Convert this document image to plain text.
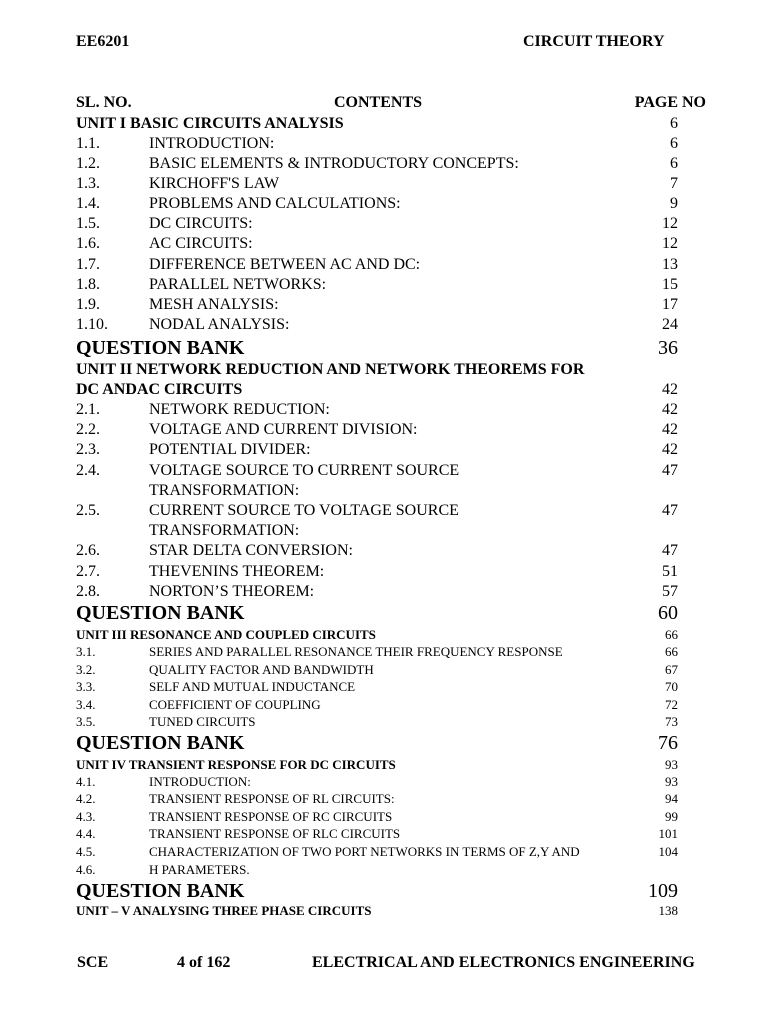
EE6201	CIRCUIT THEORY
SL. NO.	CONTENTS	PAGE NO
UNIT I BASIC CIRCUITS ANALYSIS	6
1.1.	INTRODUCTION:	6
1.2.	BASIC ELEMENTS & INTRODUCTORY CONCEPTS:	6
1.3.	KIRCHOFF'S LAW	7
1.4.	PROBLEMS AND CALCULATIONS:	9
1.5.	DC CIRCUITS:	12
1.6.	AC CIRCUITS:	12
1.7.	DIFFERENCE BETWEEN AC AND DC:	13
1.8.	PARALLEL NETWORKS:	15
1.9.	MESH ANALYSIS:	17
1.10.	NODAL ANALYSIS:	24
QUESTION BANK	36
UNIT II NETWORK REDUCTION AND NETWORK THEOREMS FOR
DC ANDAC CIRCUITS	42
2.1.	NETWORK REDUCTION:	42
2.2.	VOLTAGE AND CURRENT DIVISION:	42
2.3.	POTENTIAL DIVIDER:	42
2.4.	VOLTAGE SOURCE TO CURRENT SOURCE	47
TRANSFORMATION:
2.5.	CURRENT SOURCE TO VOLTAGE SOURCE	47
TRANSFORMATION:
2.6.	STAR DELTA CONVERSION:	47
2.7.	THEVENINS THEOREM:	51
2.8.	NORTON’S THEOREM:	57
QUESTION BANK	60
UNIT III RESONANCE AND COUPLED CIRCUITS	66
3.1.	SERIES AND PARALLEL RESONANCE THEIR FREQUENCY RESPONSE	66
3.2.	QUALITY FACTOR AND BANDWIDTH	67
3.3.	SELF AND MUTUAL INDUCTANCE	70
3.4.	COEFFICIENT OF COUPLING	72
3.5.	TUNED CIRCUITS	73
QUESTION BANK	76
UNIT IV TRANSIENT RESPONSE FOR DC CIRCUITS	93
4.1.	INTRODUCTION:	93
4.2.	TRANSIENT RESPONSE OF RL CIRCUITS:	94
4.3.	TRANSIENT RESPONSE OF RC CIRCUITS	99
4.4.	TRANSIENT RESPONSE OF RLC CIRCUITS	101
4.5.	CHARACTERIZATION OF TWO PORT NETWORKS IN TERMS OF Z,Y AND	104
4.6.	H PARAMETERS.
QUESTION BANK	109
UNIT – V ANALYSING THREE PHASE CIRCUITS	138
SCE	4 of 162	ELECTRICAL AND ELECTRONICS ENGINEERING
